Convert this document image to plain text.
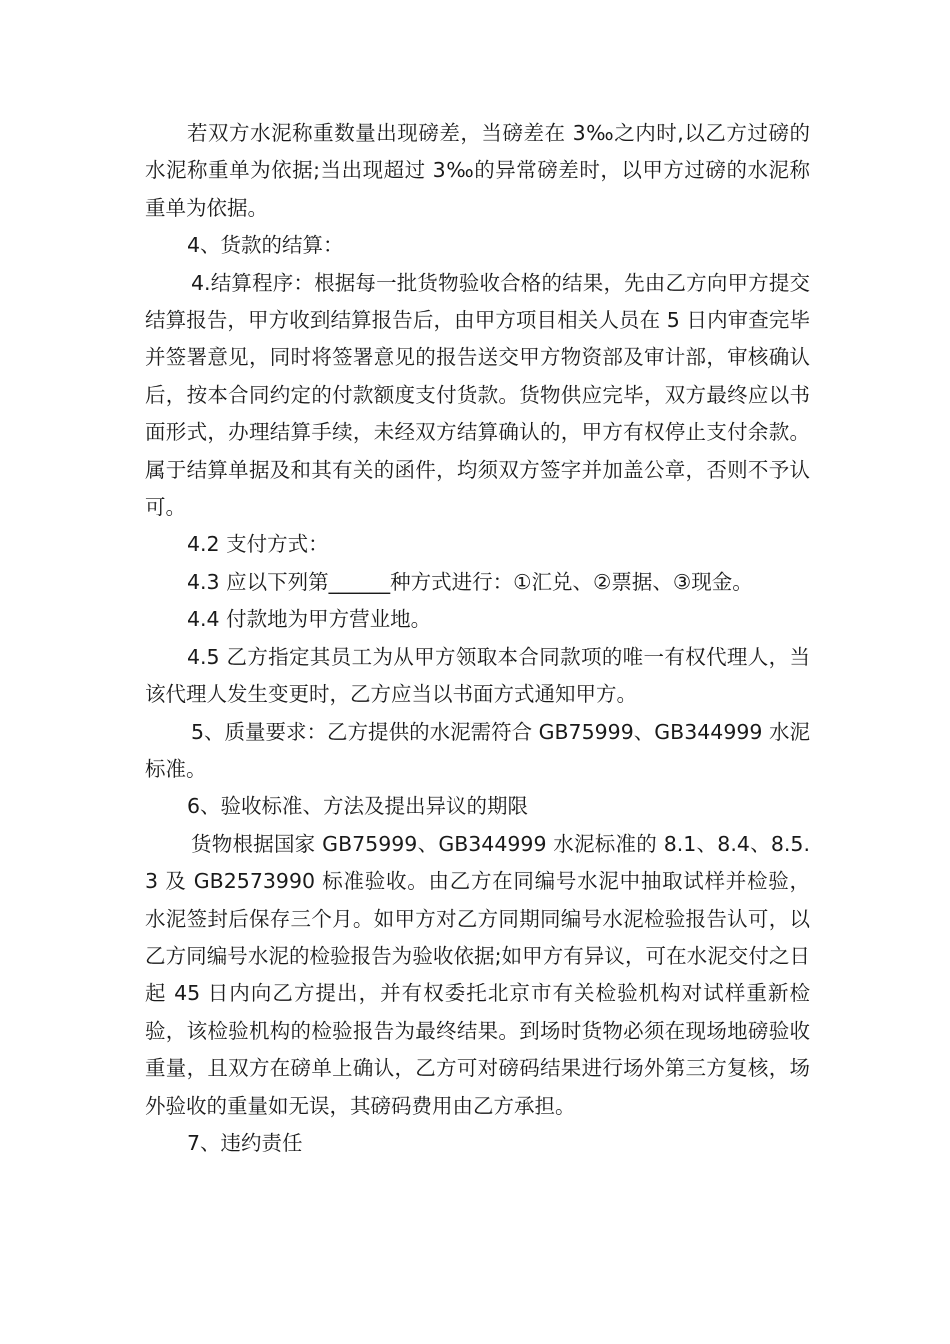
若双方水泥称重数量出现磅差，当磅差在 3‰之内时,以乙方过磅的水泥称重单为依据;当出现超过 3‰的异常磅差时，以甲方过磅的水泥称重单为依据。

4、货款的结算：

4.结算程序：根据每一批货物验收合格的结果，先由乙方向甲方提交结算报告，甲方收到结算报告后，由甲方项目相关人员在 5 日内审查完毕并签署意见，同时将签署意见的报告送交甲方物资部及审计部，审核确认后，按本合同约定的付款额度支付货款。货物供应完毕，双方最终应以书面形式，办理结算手续，未经双方结算确认的，甲方有权停止支付余款。属于结算单据及和其有关的函件，均须双方签字并加盖公章，否则不予认可。

4.2 支付方式：

4.3 应以下列第______种方式进行：①汇兑、②票据、③现金。

4.4 付款地为甲方营业地。

4.5 乙方指定其员工为从甲方领取本合同款项的唯一有权代理人，当该代理人发生变更时，乙方应当以书面方式通知甲方。

5、质量要求：乙方提供的水泥需符合 GB75999、GB344999 水泥标准。

6、验收标准、方法及提出异议的期限

货物根据国家 GB75999、GB344999 水泥标准的 8.1、8.4、8.5.3 及 GB2573990 标准验收。由乙方在同编号水泥中抽取试样并检验，水泥签封后保存三个月。如甲方对乙方同期同编号水泥检验报告认可，以乙方同编号水泥的检验报告为验收依据;如甲方有异议，可在水泥交付之日起 45 日内向乙方提出，并有权委托北京市有关检验机构对试样重新检验，该检验机构的检验报告为最终结果。到场时货物必须在现场地磅验收重量，且双方在磅单上确认，乙方可对磅码结果进行场外第三方复核，场外验收的重量如无误，其磅码费用由乙方承担。

7、违约责任
